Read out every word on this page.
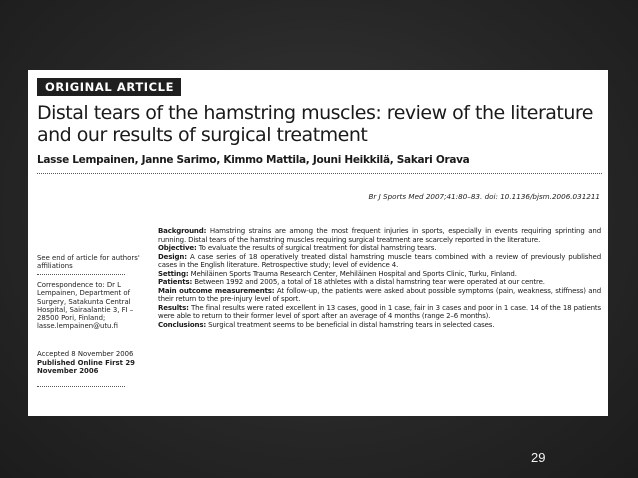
ORIGINAL ARTICLE
Distal tears of the hamstring muscles: review of the literature and our results of surgical treatment
Lasse Lempainen, Janne Sarimo, Kimmo Mattila, Jouni Heikkilä, Sakari Orava
Br J Sports Med 2007;41:80–83. doi: 10.1136/bjsm.2006.031211
See end of article for authors' affiliations
Correspondence to: Dr L Lempainen, Department of Surgery, Satakunta Central Hospital, Sairaalantie 3, FI – 28500 Pori, Finland; lasse.lempainen@utu.fi
Accepted 8 November 2006
Published Online First 29 November 2006

Background: Hamstring strains are among the most frequent injuries in sports, especially in events requiring sprinting and running. Distal tears of the hamstring muscles requiring surgical treatment are scarcely reported in the literature.

Objective: To evaluate the results of surgical treatment for distal hamstring tears.

Design: A case series of 18 operatively treated distal hamstring muscle tears combined with a review of previously published cases in the English literature. Retrospective study; level of evidence 4.

Setting: Mehiläinen Sports Trauma Research Center, Mehiläinen Hospital and Sports Clinic, Turku, Finland.

Patients: Between 1992 and 2005, a total of 18 athletes with a distal hamstring tear were operated at our centre.

Main outcome measurements: At follow-up, the patients were asked about possible symptoms (pain, weakness, stiffness) and their return to the pre-injury level of sport.

Results: The final results were rated excellent in 13 cases, good in 1 case, fair in 3 cases and poor in 1 case. 14 of the 18 patients were able to return to their former level of sport after an average of 4 months (range 2–6 months).

Conclusions: Surgical treatment seems to be beneficial in distal hamstring tears in selected cases.

29
